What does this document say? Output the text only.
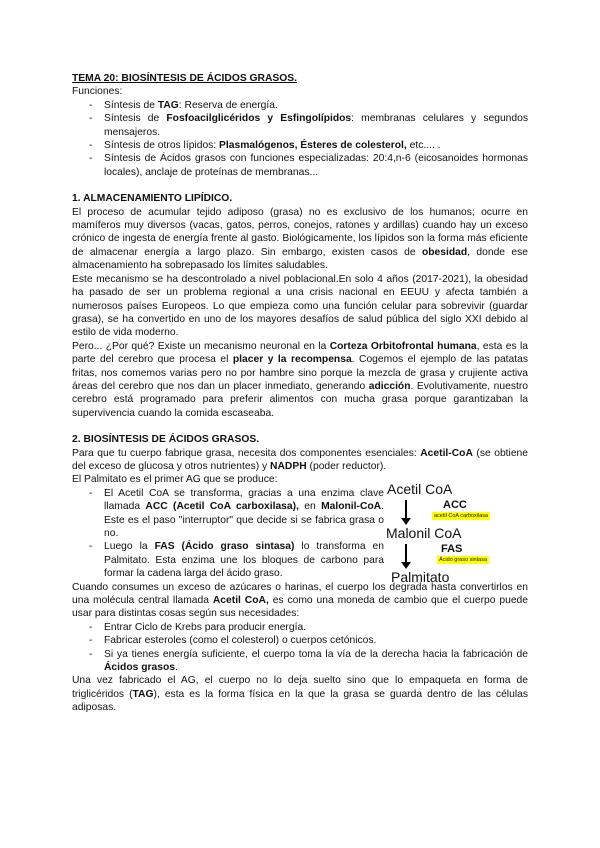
TEMA 20: BIOSÍNTESIS DE ÁCIDOS GRASOS.

Funciones:

- Síntesis de TAG: Reserva de energía.
- Síntesis de Fosfoacilglicéridos y Esfingolípidos: membranas celulares y segundos mensajeros.
- Síntesis de otros lípidos: Plasmalógenos, Ésteres de colesterol, etc.... .
- Síntesis de Ácidos grasos con funciones especializadas: 20:4,n-6 (eicosanoides hormonas locales), anclaje de proteínas de membranas...

1. ALMACENAMIENTO LIPÍDICO.

El proceso de acumular tejido adiposo (grasa) no es exclusivo de los humanos; ocurre en mamíferos muy diversos (vacas, gatos, perros, conejos, ratones y ardillas) cuando hay un exceso crónico de ingesta de energía frente al gasto. Biológicamente, los lípidos son la forma más eficiente de almacenar energía a largo plazo. Sin embargo, existen casos de obesidad, donde ese almacenamiento ha sobrepasado los límites saludables.

Este mecanismo se ha descontrolado a nivel poblacional.En solo 4 años (2017-2021), la obesidad ha pasado de ser un problema regional a una crisis nacional en EEUU y afecta también a numerosos países Europeos. Lo que empieza como una función celular para sobrevivir (guardar grasa), se ha convertido en uno de los mayores desafíos de salud pública del siglo XXI debido al estilo de vida moderno.

Pero... ¿Por qué? Existe un mecanismo neuronal en la Corteza Orbitofrontal humana, esta es la parte del cerebro que procesa el placer y la recompensa. Cogemos el ejemplo de las patatas fritas, nos comemos varias pero no por hambre sino porque la mezcla de grasa y crujiente activa áreas del cerebro que nos dan un placer inmediato, generando adicción. Evolutivamente, nuestro cerebro está programado para preferir alimentos con mucha grasa porque garantizaban la supervivencia cuando la comida escaseaba.

2. BIOSÍNTESIS DE ÁCIDOS GRASOS.

Para que tu cuerpo fabrique grasa, necesita dos componentes esenciales: Acetil-CoA (se obtiene del exceso de glucosa y otros nutrientes) y NADPH (poder reductor).

El Palmitato es el primer AG que se produce:

- El Acetil CoA se transforma, gracias a una enzima clave llamada ACC (Acetil CoA carboxilasa), en Malonil-CoA. Este es el paso "interruptor" que decide si se fabrica grasa o no.
- Luego la FAS (Ácido graso sintasa) lo transforma en Palmitato. Esta enzima une los bloques de carbono para formar la cadena larga del ácido graso.
Acetil CoA
ACC
acetil CoA carboxilasa
Malonil CoA
FAS
Ácido graso sintasa
Palmitato

Cuando consumes un exceso de azúcares o harinas, el cuerpo los degrada hasta convertirlos en una molécula central llamada Acetil CoA, es como una moneda de cambio que el cuerpo puede usar para distintas cosas según sus necesidades:

- Entrar Ciclo de Krebs para producir energía.
- Fabricar esteroles (como el colesterol) o cuerpos cetónicos.
- Si ya tienes energía suficiente, el cuerpo toma la vía de la derecha hacia la fabricación de Ácidos grasos.

Una vez fabricado el AG, el cuerpo no lo deja suelto sino que lo empaqueta en forma de triglicéridos (TAG), esta es la forma física en la que la grasa se guarda dentro de las células adiposas.
